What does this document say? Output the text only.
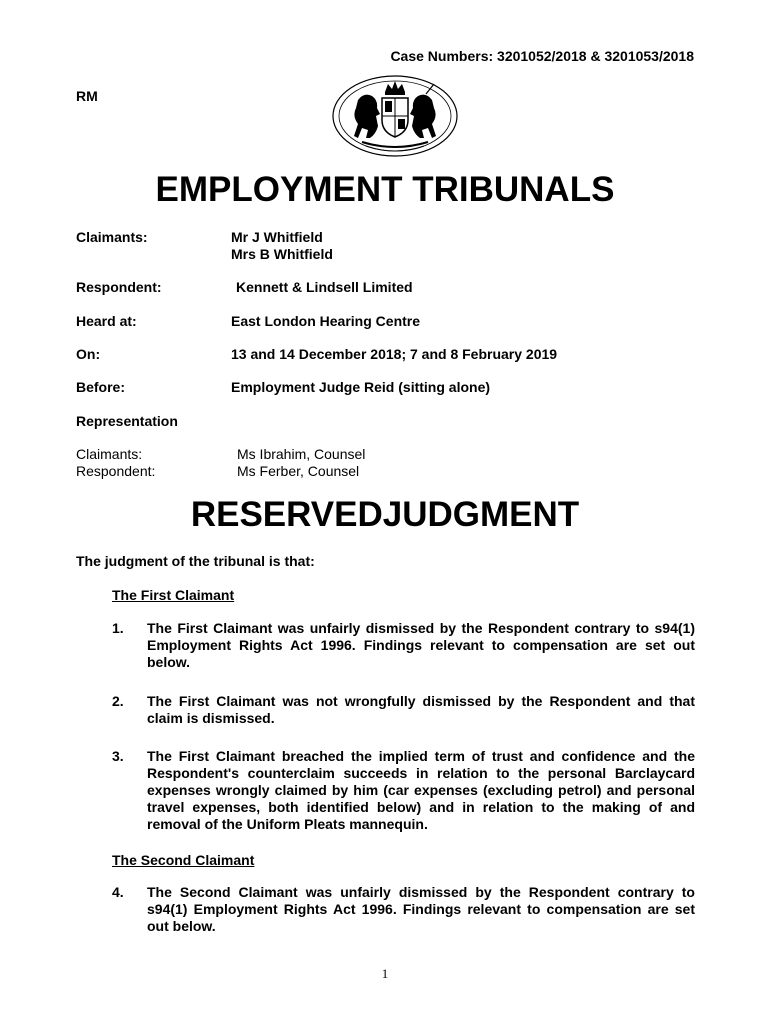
Case Numbers: 3201052/2018 & 3201053/2018
RM
EMPLOYMENT TRIBUNALS
Claimants:	Mr J Whitfield
Mrs B Whitfield
Respondent:	Kennett & Lindsell Limited
Heard at:	East London Hearing Centre
On:	13 and 14 December 2018; 7 and 8 February 2019
Before:	Employment Judge Reid (sitting alone)
Representation
Claimants:	Ms Ibrahim, Counsel
Respondent:	Ms Ferber, Counsel
RESERVEDJUDGMENT
The judgment of the tribunal is that:
The First Claimant
1. The First Claimant was unfairly dismissed by the Respondent contrary to s94(1) Employment Rights Act 1996. Findings relevant to compensation are set out below.
2. The First Claimant was not wrongfully dismissed by the Respondent and that claim is dismissed.
3. The First Claimant breached the implied term of trust and confidence and the Respondent's counterclaim succeeds in relation to the personal Barclaycard expenses wrongly claimed by him (car expenses (excluding petrol) and personal travel expenses, both identified below) and in relation to the making of and removal of the Uniform Pleats mannequin.
The Second Claimant
4. The Second Claimant was unfairly dismissed by the Respondent contrary to s94(1) Employment Rights Act 1996. Findings relevant to compensation are set out below.
1
